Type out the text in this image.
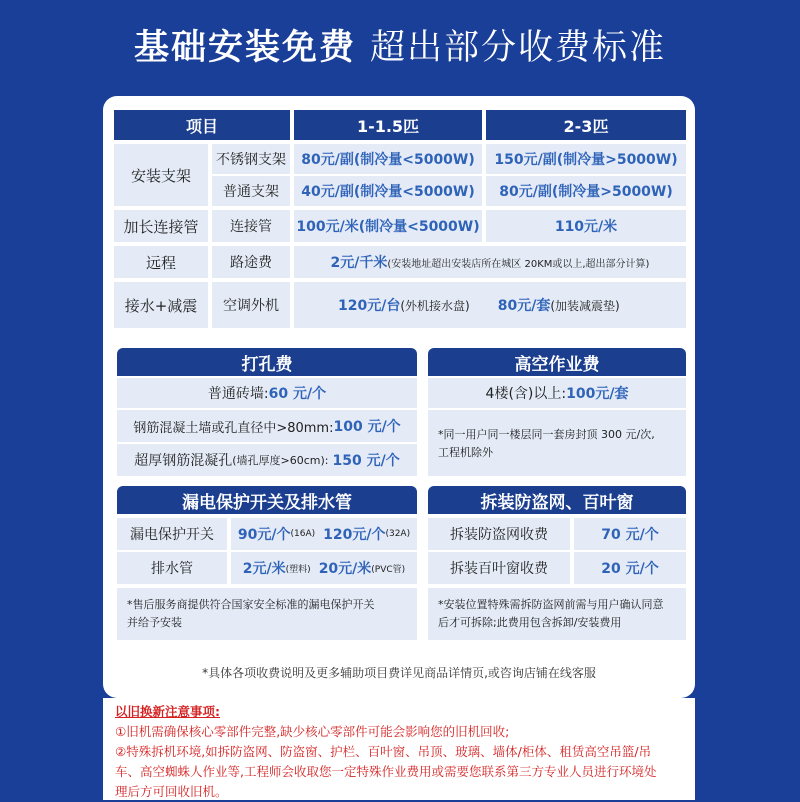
基础安装免费 超出部分收费标准
项目	1-1.5匹	2-3匹
安装支架
不锈钢支架	80元/副(制冷量<5000W)	150元/副(制冷量>5000W)
普通支架	40元/副(制冷量<5000W)	80元/副(制冷量>5000W)
加长连接管	连接管	100元/米(制冷量<5000W)	110元/米
远程	路途费	2元/千米 (安装地址超出安装店所在城区 20KM或以上,超出部分计算)
接水+减震	空调外机	120元/台 (外机接水盘) 80元/套 (加装减震垫)
打孔费
普通砖墙: 60 元/个
钢筋混凝土墙或孔直径中>80mm: 100 元/个
超厚钢筋混凝孔 (墙孔厚度>60cm): 150 元/个
高空作业费
4楼(含)以上: 100元/套
*同一用户同一楼层同一套房封顶 300 元/次,
工程机除外
漏电保护开关及排水管
漏电保护开关	90元/个 (16A) 120元/个 (32A)
排水管	2元/米 (塑料) 20元/米 (PVC管)
*售后服务商提供符合国家安全标准的漏电保护开关
并给予安装
拆装防盗网、百叶窗
拆装防盗网收费	70 元/个
拆装百叶窗收费	20 元/个
*安装位置特殊需拆防盗网前需与用户确认同意
后才可拆除;此费用包含拆卸/安装费用
*具体各项收费说明及更多辅助项目费详见商品详情页,或咨询店铺在线客服
以旧换新注意事项:
①旧机需确保核心零部件完整,缺少核心零部件可能会影响您的旧机回收;
②特殊拆机环境,如拆防盗网、防盗窗、护栏、百叶窗、吊顶、玻璃、墙体/柜体、租赁高空吊篮/吊
车、高空蜘蛛人作业等,工程师会收取您一定特殊作业费用或需要您联系第三方专业人员进行环境处
理后方可回收旧机。
